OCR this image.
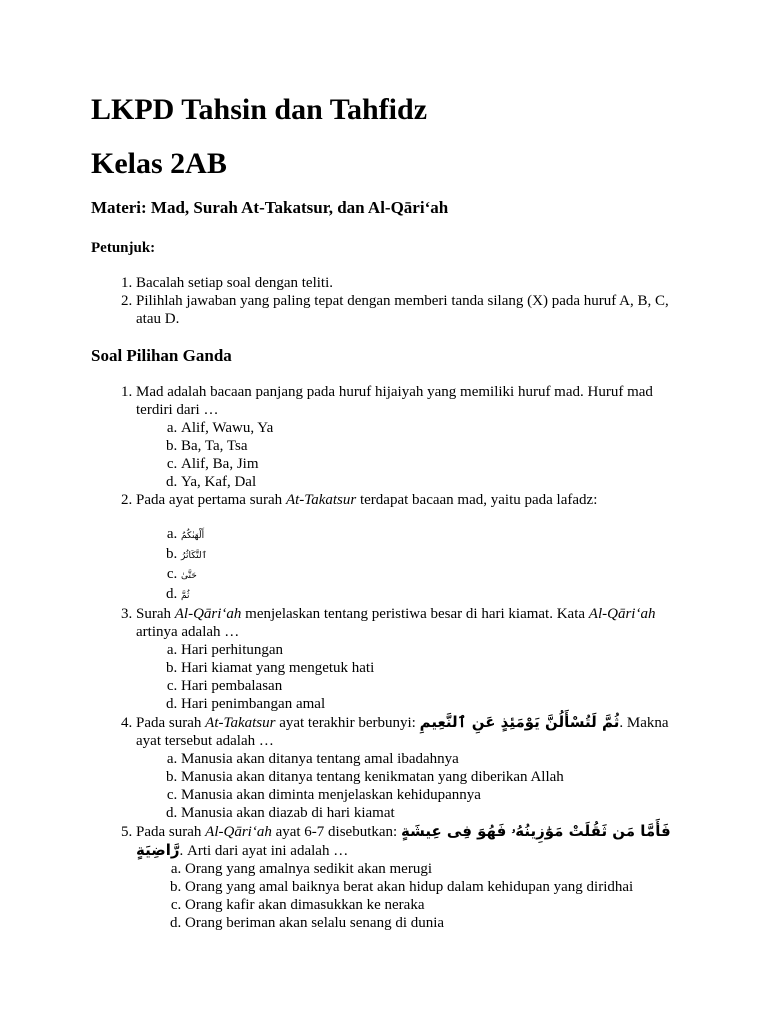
LKPD Tahsin dan Tahfidz
Kelas 2AB
Materi: Mad, Surah At-Takatsur, dan Al-Qāri‘ah
Petunjuk:
1. Bacalah setiap soal dengan teliti.
2. Pilihlah jawaban yang paling tepat dengan memberi tanda silang (X) pada huruf A, B, C, atau D.
Soal Pilihan Ganda
1. Mad adalah bacaan panjang pada huruf hijaiyah yang memiliki huruf mad. Huruf mad terdiri dari …
a. Alif, Wawu, Ya
b. Ba, Ta, Tsa
c. Alif, Ba, Jim
d. Ya, Kaf, Dal
2. Pada ayat pertama surah At-Takatsur terdapat bacaan mad, yaitu pada lafadz:
a. أَلْهَىٰكُمُ
b. ٱلتَّكَاثُرُ
c. حَتَّىٰ
d. ثُمَّ
3. Surah Al-Qāri‘ah menjelaskan tentang peristiwa besar di hari kiamat. Kata Al-Qāri‘ah artinya adalah …
a. Hari perhitungan
b. Hari kiamat yang mengetuk hati
c. Hari pembalasan
d. Hari penimbangan amal
4. Pada surah At-Takatsur ayat terakhir berbunyi: ثُمَّ لَتُسْأَلُنَّ يَوْمَئِذٍ عَنِ ٱلنَّعِيمِ. Makna ayat tersebut adalah …
a. Manusia akan ditanya tentang amal ibadahnya
b. Manusia akan ditanya tentang kenikmatan yang diberikan Allah
c. Manusia akan diminta menjelaskan kehidupannya
d. Manusia akan diazab di hari kiamat
5. Pada surah Al-Qāri‘ah ayat 6-7 disebutkan: فَأَمَّا مَن ثَقُلَتْ مَوَٰزِينُهُۥ فَهُوَ فِى عِيشَةٍ رَّاضِيَةٍ. Arti dari ayat ini adalah …
a. Orang yang amalnya sedikit akan merugi
b. Orang yang amal baiknya berat akan hidup dalam kehidupan yang diridhai
c. Orang kafir akan dimasukkan ke neraka
d. Orang beriman akan selalu senang di dunia
